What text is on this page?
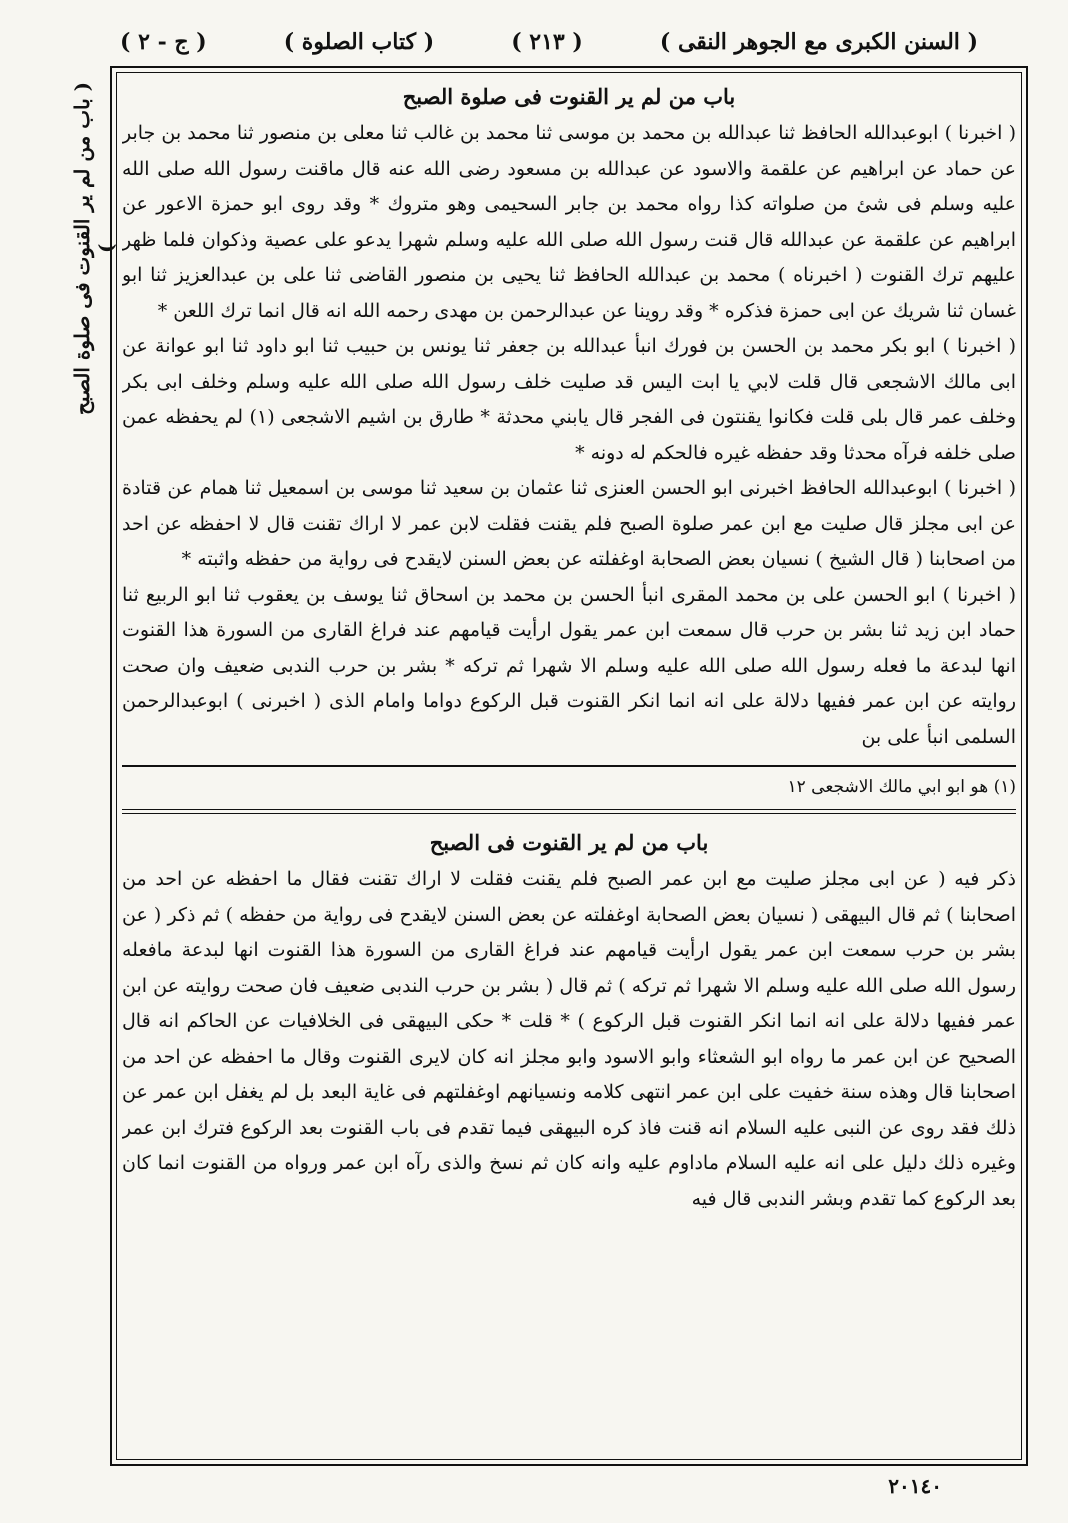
( السنن الكبرى مع الجوهر النقى )
( ٢١٣ )
( كتاب الصلوة )
( ج - ٢ )
( باب من لم ير القنوت فى صلوة الصبح )
باب من لم ير القنوت فى صلوة الصبح

( اخبرنا ) ابوعبدالله الحافظ ثنا عبدالله بن محمد بن موسى ثنا محمد بن غالب ثنا معلى بن منصور ثنا محمد بن جابر عن حماد عن ابراهيم عن علقمة والاسود عن عبدالله بن مسعود رضى الله عنه قال ماقنت رسول الله صلى الله عليه وسلم فى شئ من صلواته كذا رواه محمد بن جابر السحيمى وهو متروك * وقد روى ابو حمزة الاعور عن ابراهيم عن علقمة عن عبدالله قال قنت رسول الله صلى الله عليه وسلم شهرا يدعو على عصية وذكوان فلما ظهر عليهم ترك القنوت ( اخبرناه ) محمد بن عبدالله الحافظ ثنا يحيى بن منصور القاضى ثنا على بن عبدالعزيز ثنا ابو غسان ثنا شريك عن ابى حمزة فذكره * وقد روينا عن عبدالرحمن بن مهدى رحمه الله انه قال انما ترك اللعن *

( اخبرنا ) ابو بكر محمد بن الحسن بن فورك انبأ عبدالله بن جعفر ثنا يونس بن حبيب ثنا ابو داود ثنا ابو عوانة عن ابى مالك الاشجعى قال قلت لابي يا ابت اليس قد صليت خلف رسول الله صلى الله عليه وسلم وخلف ابى بكر وخلف عمر قال بلى قلت فكانوا يقنتون فى الفجر قال يابني محدثة * طارق بن اشيم الاشجعى (١) لم يحفظه عمن صلى خلفه فرآه محدثا وقد حفظه غيره فالحكم له دونه *

( اخبرنا ) ابوعبدالله الحافظ اخبرنى ابو الحسن العنزى ثنا عثمان بن سعيد ثنا موسى بن اسمعيل ثنا همام عن قتادة عن ابى مجلز قال صليت مع ابن عمر صلوة الصبح فلم يقنت فقلت لابن عمر لا اراك تقنت قال لا احفظه عن احد من اصحابنا ( قال الشيخ ) نسيان بعض الصحابة اوغفلته عن بعض السنن لايقدح فى رواية من حفظه واثبته *

( اخبرنا ) ابو الحسن على بن محمد المقرى انبأ الحسن بن محمد بن اسحاق ثنا يوسف بن يعقوب ثنا ابو الربيع ثنا حماد ابن زيد ثنا بشر بن حرب قال سمعت ابن عمر يقول ارأيت قيامهم عند فراغ القارى من السورة هذا القنوت انها لبدعة ما فعله رسول الله صلى الله عليه وسلم الا شهرا ثم تركه * بشر بن حرب الندبى ضعيف وان صحت روايته عن ابن عمر ففيها دلالة على انه انما انكر القنوت قبل الركوع دواما وامام الذى ( اخبرنى ) ابوعبدالرحمن السلمى انبأ على بن

(١) هو ابو ابي مالك الاشجعى ١٢
باب من لم ير القنوت فى الصبح

ذكر فيه ( عن ابى مجلز صليت مع ابن عمر الصبح فلم يقنت فقلت لا اراك تقنت فقال ما احفظه عن احد من اصحابنا ) ثم قال البيهقى ( نسيان بعض الصحابة اوغفلته عن بعض السنن لايقدح فى رواية من حفظه ) ثم ذكر ( عن بشر بن حرب سمعت ابن عمر يقول ارأيت قيامهم عند فراغ القارى من السورة هذا القنوت انها لبدعة مافعله رسول الله صلى الله عليه وسلم الا شهرا ثم تركه ) ثم قال ( بشر بن حرب الندبى ضعيف فان صحت روايته عن ابن عمر ففيها دلالة على انه انما انكر القنوت قبل الركوع ) * قلت * حكى البيهقى فى الخلافيات عن الحاكم انه قال الصحيح عن ابن عمر ما رواه ابو الشعثاء وابو الاسود وابو مجلز انه كان لايرى القنوت وقال ما احفظه عن احد من اصحابنا قال وهذه سنة خفيت على ابن عمر انتهى كلامه ونسيانهم اوغفلتهم فى غاية البعد بل لم يغفل ابن عمر عن ذلك فقد روى عن النبى عليه السلام انه قنت فاذ كره البيهقى فيما تقدم فى باب القنوت بعد الركوع فترك ابن عمر وغيره ذلك دليل على انه عليه السلام ماداوم عليه وانه كان ثم نسخ والذى رآه ابن عمر ورواه من القنوت انما كان بعد الركوع كما تقدم وبشر الندبى قال فيه

٢٠١٤٠
